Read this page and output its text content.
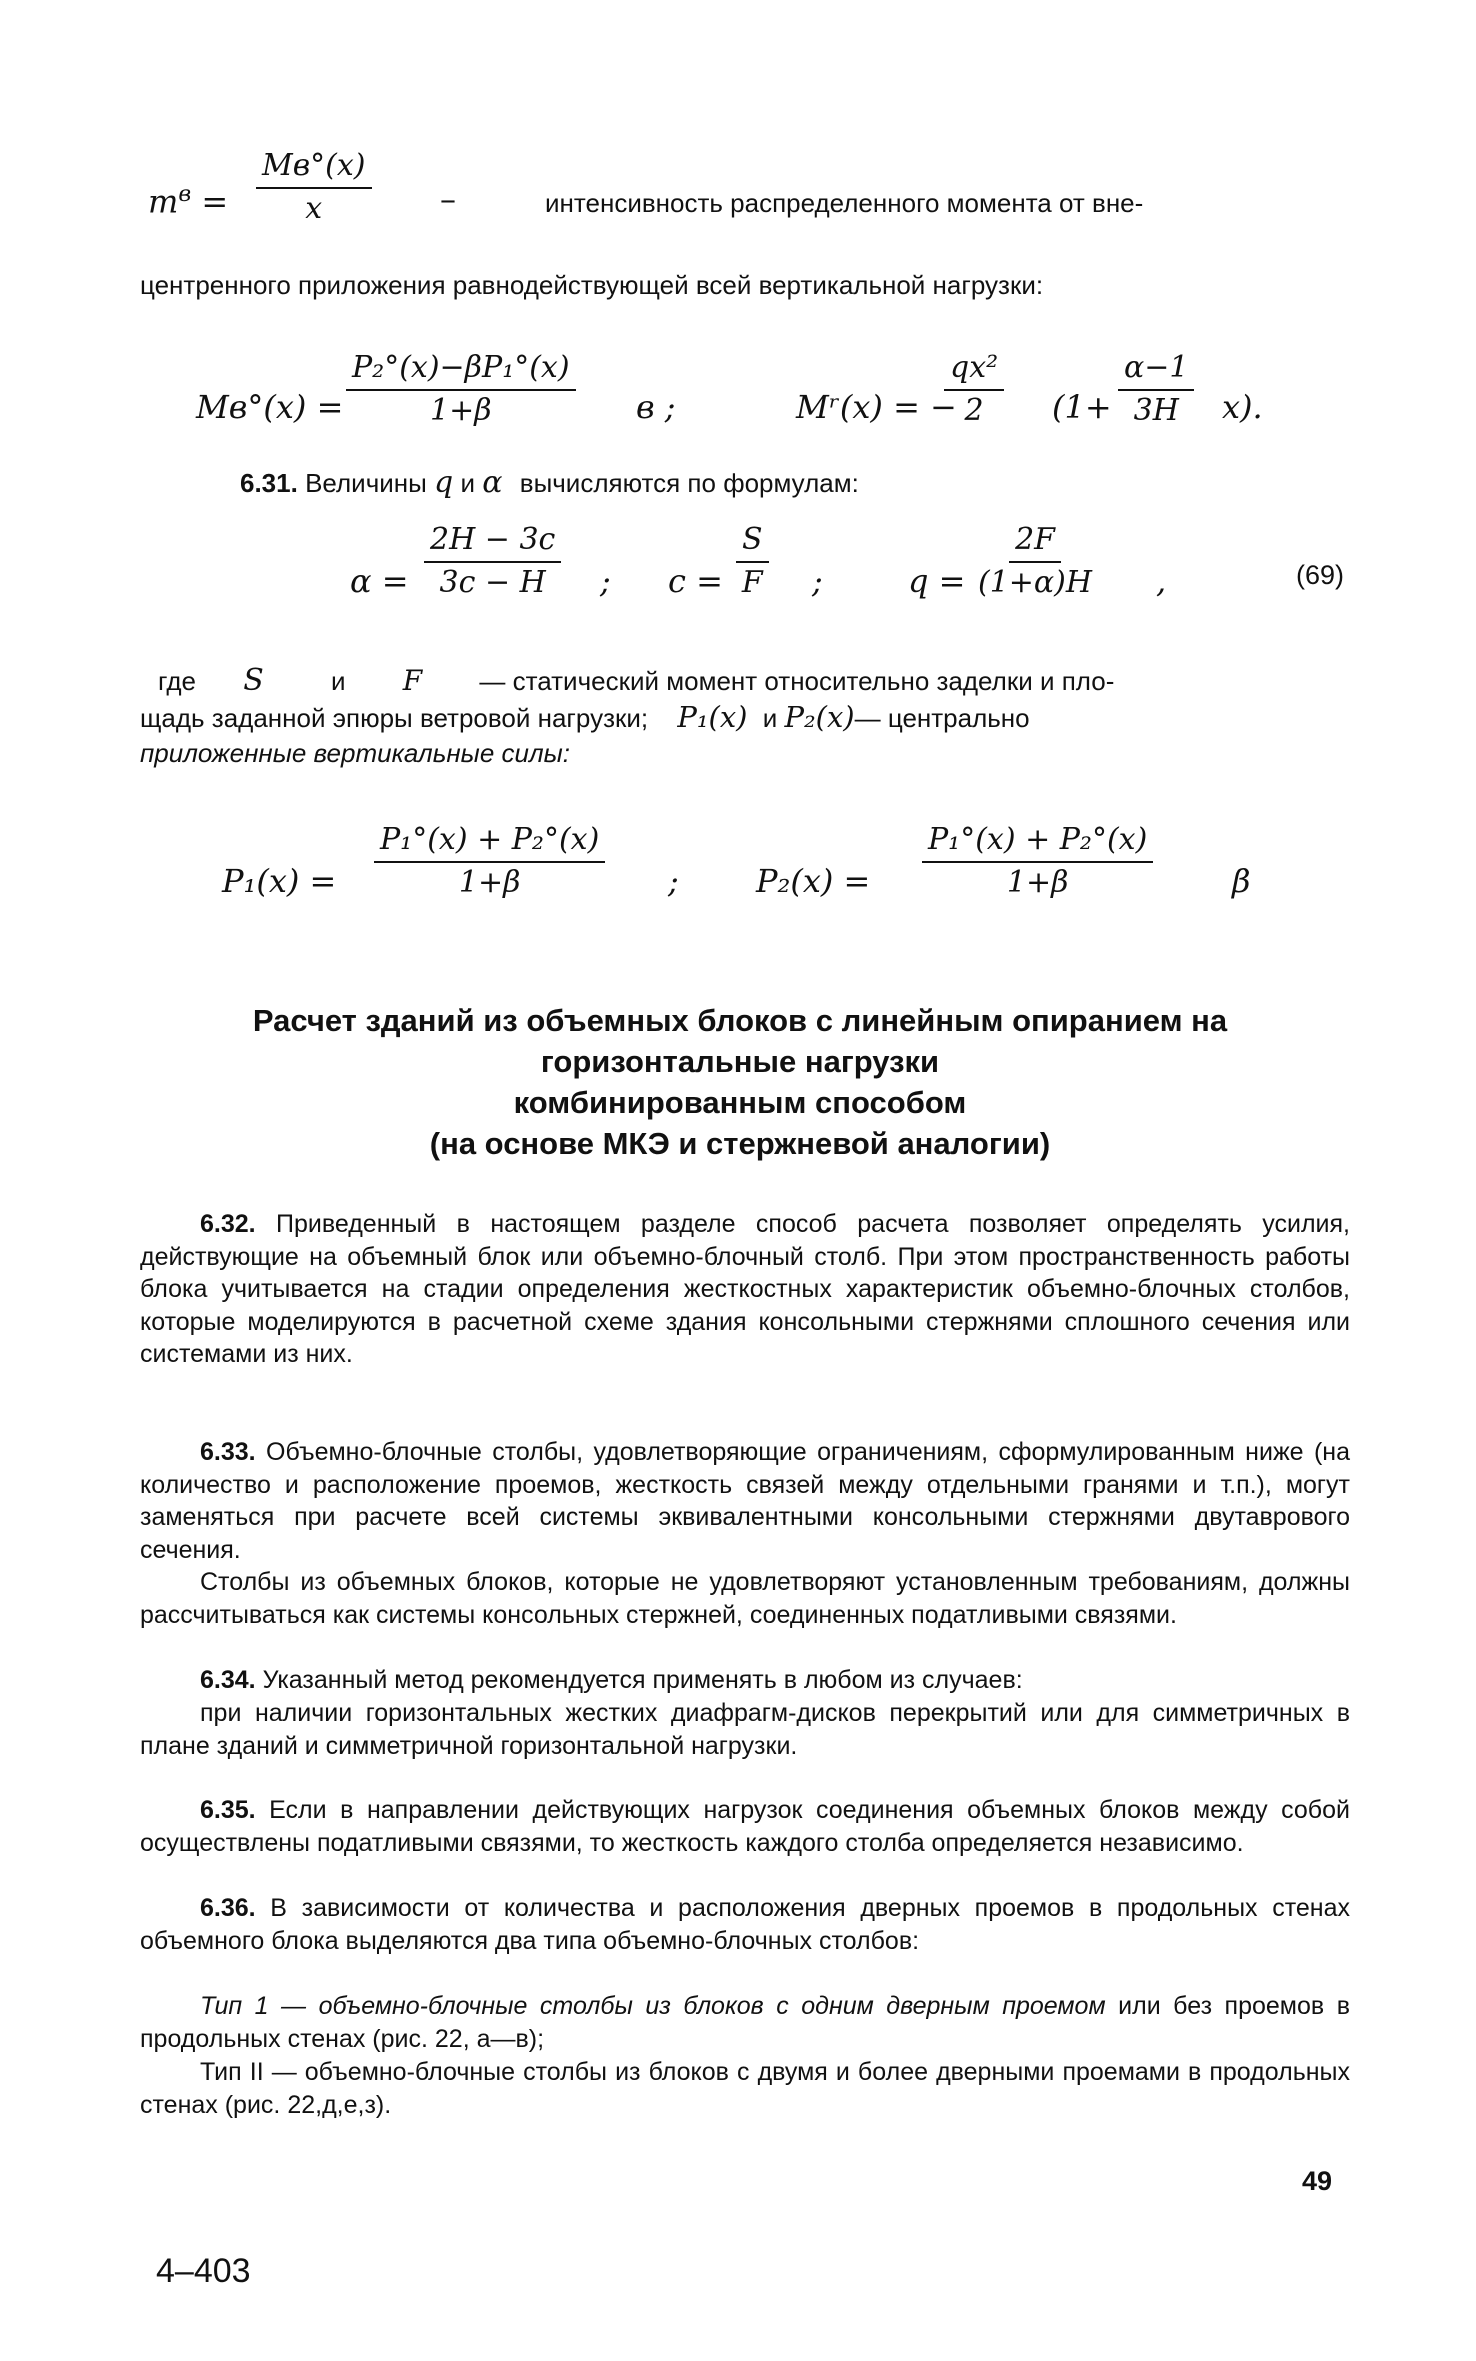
$m^в$ =
Mв°(x)
x	–	интенсивность распределенного момента от вне-
центренного приложения равнодействующей всей вертикальной нагрузки:
$Mв^\circ(x) = \frac{\text{P₂°(x)−βP₁°(x)}}{1+\beta}$ в ;	Mʳ(x) = −
$\frac{\text{qx²}}{2} (1+ \frac{\alpha-1}{3H} x)$.
6.31. Величины q и α вычисляются по формулам:
$\alpha = \frac{2H - 3c}{3c - H}$ ; $c = \frac{S}{F}$ ;	$q = \frac{2F}{(1+\alpha)H}$ ,	(69)
где S	и F — статический момент относительно заделки и пло-
щадь заданной эпюры ветровой нагрузки; P₁(x) и P₂(x)— центрально
приложенные вертикальные силы:
$P_1(x) = \frac{\text{P₁°(x) + P₂°(x)}}{1+\beta}$ ; $P_2(x) = \frac{\text{P₁°(x) + P₂°(x)}}{1+\beta}$ β
Расчет зданий из объемных блоков с линейным опиранием на
горизонтальные нагрузки
комбинированным способом
(на основе МКЭ и стержневой аналогии)
6.32. Приведенный в настоящем разделе способ расчета позволяет определять усилия, действующие на объемный блок или объемно-блочный столб. При этом пространственность работы блока учитывается на стадии определения жесткостных характеристик объемно-блочных столбов, которые моделируются в расчетной схеме здания консольными стержнями сплошного сечения или системами из них.
6.33. Объемно-блочные столбы, удовлетворяющие ограничениям, сформулированным ниже (на количество и расположение проемов, жесткость связей между отдельными гранями и т.п.), могут заменяться при расчете всей системы эквивалентными консольными стержнями двутаврового сечения.
Столбы из объемных блоков, которые не удовлетворяют установленным требованиям, должны рассчитываться как системы консольных стержней, соединенных податливыми связями.
6.34. Указанный метод рекомендуется применять в любом из случаев:
при наличии горизонтальных жестких диафрагм-дисков перекрытий или для симметричных в плане зданий и симметричной горизонтальной нагрузки.
6.35. Если в направлении действующих нагрузок соединения объемных блоков между собой осуществлены податливыми связями, то жесткость каждого столба определяется независимо.
6.36. В зависимости от количества и расположения дверных проемов в продольных стенах объемного блока выделяются два типа объемно-блочных столбов:
Тип 1 — объемно-блочные столбы из блоков с одним дверным проемом или без проемов в продольных стенах (рис. 22, а—в);
Тип II — объемно-блочные столбы из блоков с двумя и более дверными проемами в продольных стенах (рис. 22,д,е,з).
49
4–403
